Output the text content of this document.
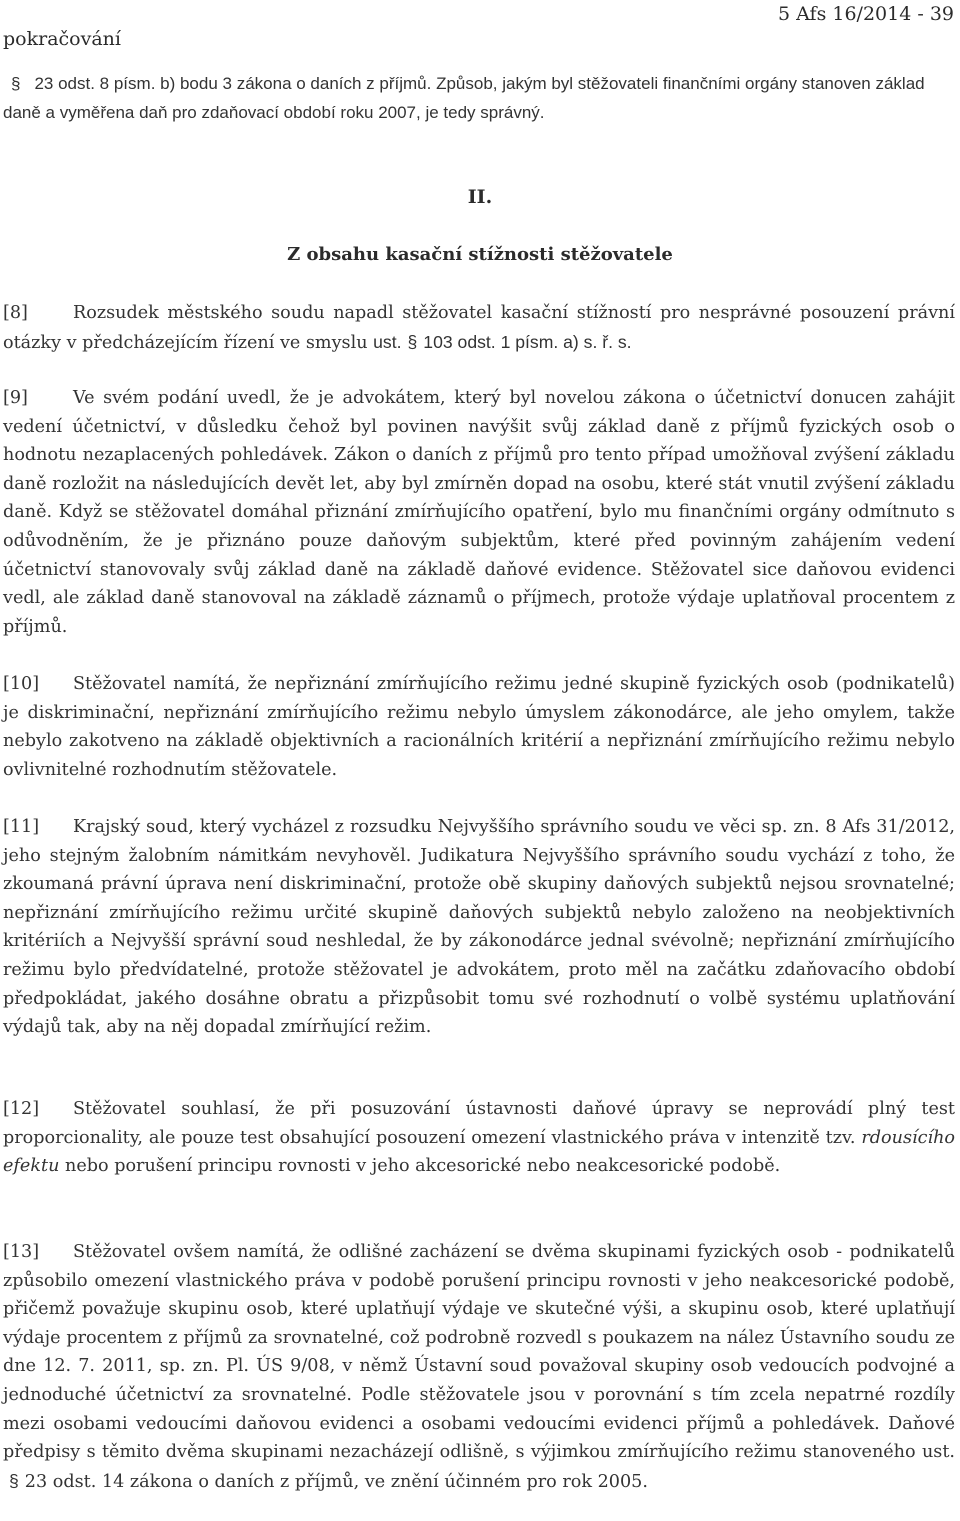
5 Afs 16/2014 - 39
pokračování
§ 23 odst. 8 písm. b) bodu 3 zákona o daních z příjmů. Způsob, jakým byl stěžovateli finančními orgány stanoven základ daně a vyměřena daň pro zdaňovací období roku 2007, je tedy správný.
II.
Z obsahu kasační stížnosti stěžovatele
[8]	Rozsudek městského soudu napadl stěžovatel kasační stížností pro nesprávné posouzení právní otázky v předcházejícím řízení ve smyslu ust. § 103 odst. 1 písm. a) s. ř. s.
[9]	Ve svém podání uvedl, že je advokátem, který byl novelou zákona o účetnictví donucen zahájit vedení účetnictví, v důsledku čehož byl povinen navýšit svůj základ daně z příjmů fyzických osob o hodnotu nezaplacených pohledávek. Zákon o daních z příjmů pro tento případ umožňoval zvýšení základu daně rozložit na následujících devět let, aby byl zmírněn dopad na osobu, které stát vnutil zvýšení základu daně. Když se stěžovatel domáhal přiznání zmírňujícího opatření, bylo mu finančními orgány odmítnuto s odůvodněním, že je přiznáno pouze daňovým subjektům, které před povinným zahájením vedení účetnictví stanovovaly svůj základ daně na základě daňové evidence. Stěžovatel sice daňovou evidenci vedl, ale základ daně stanovoval na základě záznamů o příjmech, protože výdaje uplatňoval procentem z příjmů.
[10] Stěžovatel namítá, že nepřiznání zmírňujícího režimu jedné skupině fyzických osob (podnikatelů) je diskriminační, nepřiznání zmírňujícího režimu nebylo úmyslem zákonodárce, ale jeho omylem, takže nebylo zakotveno na základě objektivních a racionálních kritérií a nepřiznání zmírňujícího režimu nebylo ovlivnitelné rozhodnutím stěžovatele.
[11] Krajský soud, který vycházel z rozsudku Nejvyššího správního soudu ve věci sp. zn. 8 Afs 31/2012, jeho stejným žalobním námitkám nevyhověl. Judikatura Nejvyššího správního soudu vychází z toho, že zkoumaná právní úprava není diskriminační, protože obě skupiny daňových subjektů nejsou srovnatelné; nepřiznání zmírňujícího režimu určité skupině daňových subjektů nebylo založeno na neobjektivních kritériích a Nejvyšší správní soud neshledal, že by zákonodárce jednal svévolně; nepřiznání zmírňujícího režimu bylo předvídatelné, protože stěžovatel je advokátem, proto měl na začátku zdaňovacího období předpokládat, jakého dosáhne obratu a přizpůsobit tomu své rozhodnutí o volbě systému uplatňování výdajů tak, aby na něj dopadal zmírňující režim.
[12] Stěžovatel souhlasí, že při posuzování ústavnosti daňové úpravy se neprovádí plný test proporcionality, ale pouze test obsahující posouzení omezení vlastnického práva v intenzitě tzv. rdousícího efektu nebo porušení principu rovnosti v jeho akcesorické nebo neakcesorické podobě.
[13] Stěžovatel ovšem namítá, že odlišné zacházení se dvěma skupinami fyzických osob - podnikatelů způsobilo omezení vlastnického práva v podobě porušení principu rovnosti v jeho neakcesorické podobě, přičemž považuje skupinu osob, které uplatňují výdaje ve skutečné výši, a skupinu osob, které uplatňují výdaje procentem z příjmů za srovnatelné, což podrobně rozvedl s poukazem na nález Ústavního soudu ze dne 12. 7. 2011, sp. zn. Pl. ÚS 9/08, v němž Ústavní soud považoval skupiny osob vedoucích podvojné a jednoduché účetnictví za srovnatelné. Podle stěžovatele jsou v porovnání s tím zcela nepatrné rozdíly mezi osobami vedoucími daňovou evidenci a osobami vedoucími evidenci příjmů a pohledávek. Daňové předpisy s těmito dvěma skupinami nezacházejí odlišně, s výjimkou zmírňujícího režimu stanoveného ust. § 23 odst. 14 zákona o daních z příjmů, ve znění účinném pro rok 2005.
